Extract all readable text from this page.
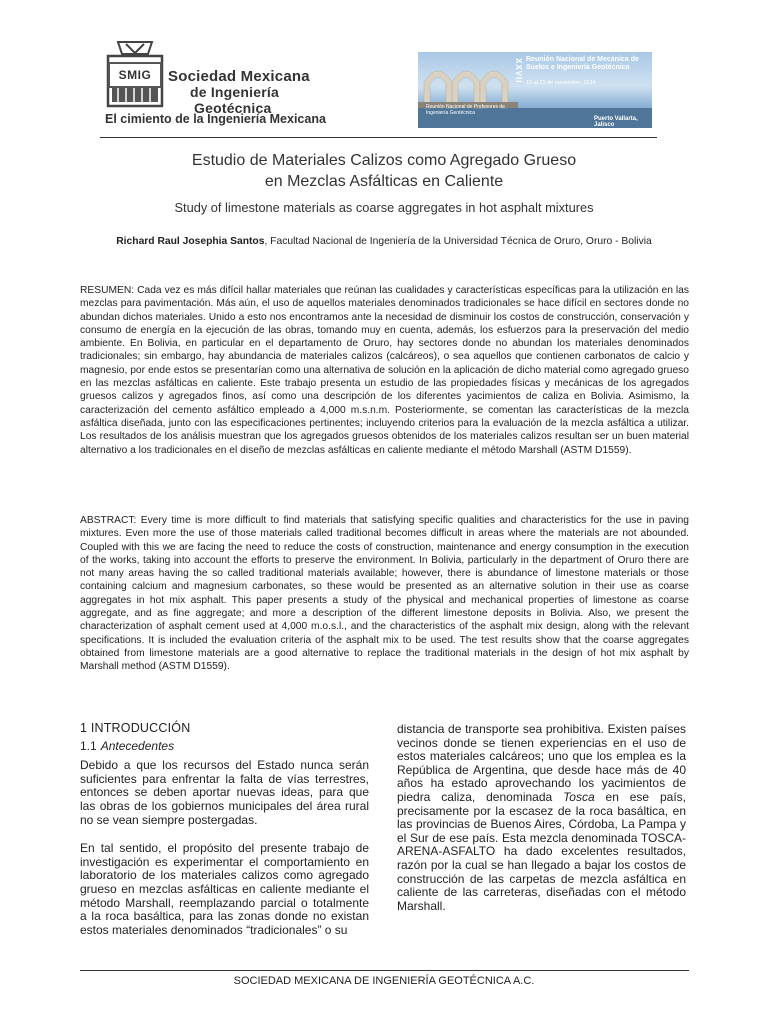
SMIG	Sociedad Mexicana
de Ingeniería
Geotécnica
El cimiento de la Ingeniería Mexicana
XXVII Reunión Nacional de Mecánica de Suelos e Ingeniería Geotécnica
19 al 21 de noviembre, 2014
Reunión Nacional de Profesores de Ingeniería Geotécnica
Puerto Vallarta, Jalisco
Estudio de Materiales Calizos como Agregado Grueso
en Mezclas Asfálticas en Caliente
Study of limestone materials as coarse aggregates in hot asphalt mixtures
Richard Raul Josephia Santos, Facultad Nacional de Ingeniería de la Universidad Técnica de Oruro, Oruro - Bolivia
RESUMEN: Cada vez es más difícil hallar materiales que reúnan las cualidades y características específicas para la utilización en las mezclas para pavimentación. Más aún, el uso de aquellos materiales denominados tradicionales se hace difícil en sectores donde no abundan dichos materiales. Unido a esto nos encontramos ante la necesidad de disminuir los costos de construcción, conservación y consumo de energía en la ejecución de las obras, tomando muy en cuenta, además, los esfuerzos para la preservación del medio ambiente. En Bolivia, en particular en el departamento de Oruro, hay sectores donde no abundan los materiales denominados tradicionales; sin embargo, hay abundancia de materiales calizos (calcáreos), o sea aquellos que contienen carbonatos de calcio y magnesio, por ende estos se presentarían como una alternativa de solución en la aplicación de dicho material como agregado grueso en las mezclas asfálticas en caliente. Este trabajo presenta un estudio de las propiedades físicas y mecánicas de los agregados gruesos calizos y agregados finos, así como una descripción de los diferentes yacimientos de caliza en Bolivia. Asimismo, la caracterización del cemento asfáltico empleado a 4,000 m.s.n.m. Posteriormente, se comentan las características de la mezcla asfáltica diseñada, junto con las especificaciones pertinentes; incluyendo criterios para la evaluación de la mezcla asfáltica a utilizar. Los resultados de los análisis muestran que los agregados gruesos obtenidos de los materiales calizos resultan ser un buen material alternativo a los tradicionales en el diseño de mezclas asfálticas en caliente mediante el método Marshall (ASTM D1559).
ABSTRACT: Every time is more difficult to find materials that satisfying specific qualities and characteristics for the use in paving mixtures. Even more the use of those materials called traditional becomes difficult in areas where the materials are not abounded. Coupled with this we are facing the need to reduce the costs of construction, maintenance and energy consumption in the execution of the works, taking into account the efforts to preserve the environment. In Bolivia, particularly in the department of Oruro there are not many areas having the so called traditional materials available; however, there is abundance of limestone materials or those containing calcium and magnesium carbonates, so these would be presented as an alternative solution in their use as coarse aggregates in hot mix asphalt. This paper presents a study of the physical and mechanical properties of limestone as coarse aggregate, and as fine aggregate; and more a description of the different limestone deposits in Bolivia. Also, we present the characterization of asphalt cement used at 4,000 m.o.s.l., and the characteristics of the asphalt mix design, along with the relevant specifications. It is included the evaluation criteria of the asphalt mix to be used. The test results show that the coarse aggregates obtained from limestone materials are a good alternative to replace the traditional materials in the design of hot mix asphalt by Marshall method (ASTM D1559).
1 INTRODUCCIÓN
1.1 Antecedentes

Debido a que los recursos del Estado nunca serán suficientes para enfrentar la falta de vías terrestres, entonces se deben aportar nuevas ideas, para que las obras de los gobiernos municipales del área rural no se vean siempre postergadas.

En tal sentido, el propósito del presente trabajo de investigación es experimentar el comportamiento en laboratorio de los materiales calizos como agregado grueso en mezclas asfálticas en caliente mediante el método Marshall, reemplazando parcial o totalmente a la roca basáltica, para las zonas donde no existan estos materiales denominados “tradicionales” o su

distancia de transporte sea prohibitiva. Existen países vecinos donde se tienen experiencias en el uso de estos materiales calcáreos; uno que los emplea es la República de Argentina, que desde hace más de 40 años ha estado aprovechando los yacimientos de piedra caliza, denominada Tosca en ese país, precisamente por la escasez de la roca basáltica, en las provincias de Buenos Aires, Córdoba, La Pampa y el Sur de ese país. Esta mezcla denominada TOSCA-ARENA-ASFALTO ha dado excelentes resultados, razón por la cual se han llegado a bajar los costos de construcción de las carpetas de mezcla asfáltica en caliente de las carreteras, diseñadas con el método Marshall.

SOCIEDAD MEXICANA DE INGENIERÍA GEOTÉCNICA A.C.
